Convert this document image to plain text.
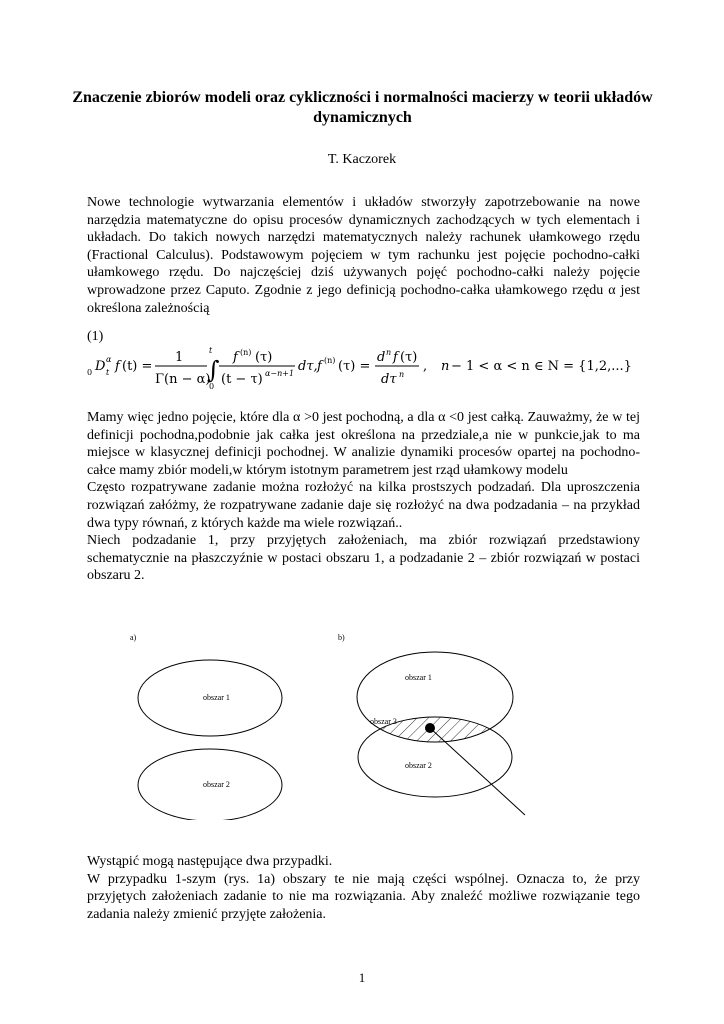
Znaczenie zbiorów modeli oraz cykliczności i normalności macierzy w teorii układów dynamicznych
T. Kaczorek

Nowe technologie wytwarzania elementów i układów stworzyły zapotrzebowanie na nowe narzędzia matematyczne do opisu procesów dynamicznych zachodzących w tych elementach i układach. Do takich nowych narzędzi matematycznych należy rachunek ułamkowego rzędu (Fractional Calculus). Podstawowym pojęciem w tym rachunku jest pojęcie pochodno-całki ułamkowego rzędu. Do najczęściej dziś używanych pojęć pochodno-całki należy pojęcie wprowadzone przez Caputo. Zgodnie z jego definicją pochodno-całka ułamkowego rzędu α jest określona zależnością

(1)
0 D α
t f (t) =
1
Γ(n − α)
t
∫
0
f (n) (τ)
(t − τ) α−n+1 dτ, f (n) (τ) =
d n f (τ)
dτ n
, n − 1 < α < n ∈ N = {1,2,...}

Mamy więc jedno pojęcie, które dla α >0 jest pochodną, a dla α <0 jest całką. Zauważmy, że w tej definicji pochodna,podobnie jak całka jest określona na przedziale,a nie w punkcie,jak to ma miejsce w klasycznej definicji pochodnej. W analizie dynamiki procesów opartej na pochodno-całce mamy zbiór modeli,w którym istotnym parametrem jest rząd ułamkowy modelu

Często rozpatrywane zadanie można rozłożyć na kilka prostszych podzadań. Dla uproszczenia rozwiązań załóżmy, że rozpatrywane zadanie daje się rozłożyć na dwa podzadania – na przykład dwa typy równań, z których każde ma wiele rozwiązań..

Niech podzadanie 1, przy przyjętych założeniach, ma zbiór rozwiązań przedstawiony schematycznie na płaszczyźnie w postaci obszaru 1, a podzadanie 2 – zbiór rozwiązań w postaci obszaru 2.

a)
obszar 1
obszar 2
b)
obszar 1
obszar 3
obszar 2

Wystąpić mogą następujące dwa przypadki.

W przypadku 1-szym (rys. 1a) obszary te nie mają części wspólnej. Oznacza to, że przy przyjętych założeniach zadanie to nie ma rozwiązania. Aby znaleźć możliwe rozwiązanie tego zadania należy zmienić przyjęte założenia.

1
